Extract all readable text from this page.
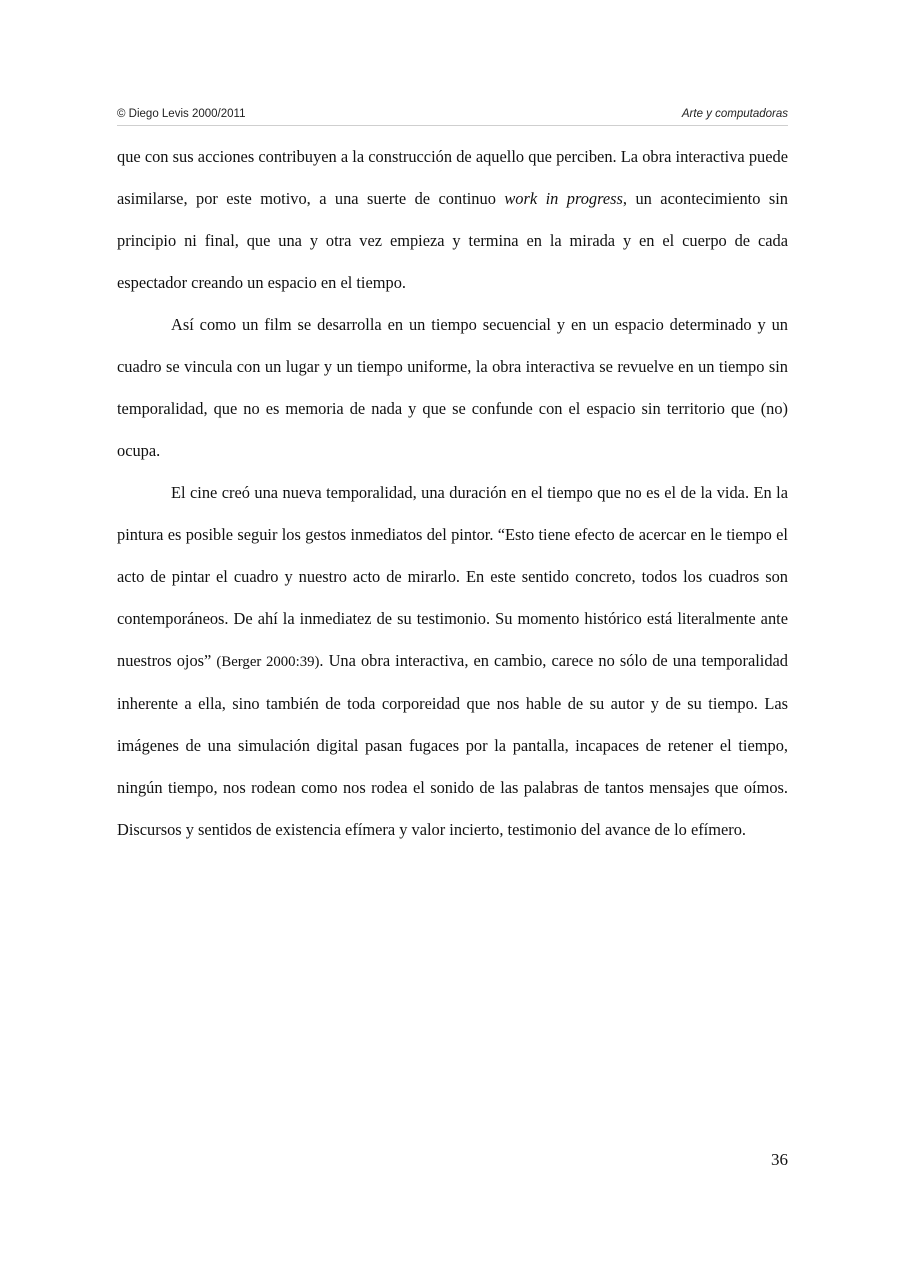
© Diego Levis 2000/2011	Arte y computadoras

que con sus acciones contribuyen a la construcción de aquello que perciben. La obra interactiva puede asimilarse, por este motivo, a una suerte de continuo work in progress, un acontecimiento sin principio ni final, que una y otra vez empieza y termina en la mirada y en el cuerpo de cada espectador creando un espacio en el tiempo.

Así como un film se desarrolla en un tiempo secuencial y en un espacio determinado y un cuadro se vincula con un lugar y un tiempo uniforme, la obra interactiva se revuelve en un tiempo sin temporalidad, que no es memoria de nada y que se confunde con el espacio sin territorio que (no) ocupa.

El cine creó una nueva temporalidad, una duración en el tiempo que no es el de la vida. En la pintura es posible seguir los gestos inmediatos del pintor. “Esto tiene efecto de acercar en le tiempo el acto de pintar el cuadro y nuestro acto de mirarlo. En este sentido concreto, todos los cuadros son contemporáneos. De ahí la inmediatez de su testimonio. Su momento histórico está literalmente ante nuestros ojos” (Berger 2000:39). Una obra interactiva, en cambio, carece no sólo de una temporalidad inherente a ella, sino también de toda corporeidad que nos hable de su autor y de su tiempo. Las imágenes de una simulación digital pasan fugaces por la pantalla, incapaces de retener el tiempo, ningún tiempo, nos rodean como nos rodea el sonido de las palabras de tantos mensajes que oímos. Discursos y sentidos de existencia efímera y valor incierto, testimonio del avance de lo efímero.

36
